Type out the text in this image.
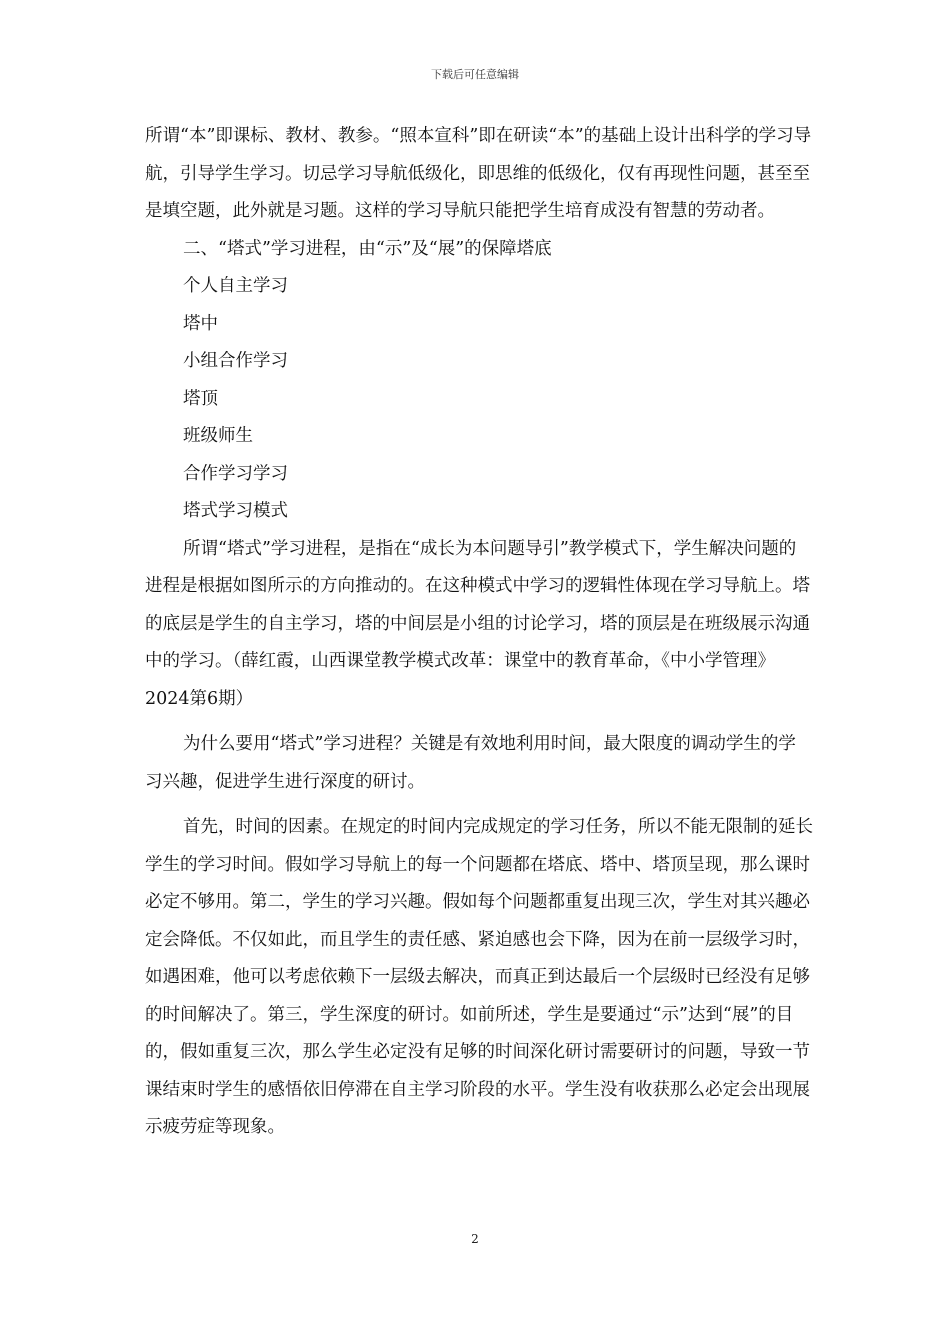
下载后可任意编辑

所谓“本”即课标、教材、教参。“照本宣科”即在研读“本”的基础上设计出科学的学习导航，引导学生学习。切忌学习导航低级化，即思维的低级化，仅有再现性问题，甚至至是填空题，此外就是习题。这样的学习导航只能把学生培育成没有智慧的劳动者。

二、“塔式”学习进程，由“示”及“展”的保障塔底

个人自主学习

塔中

小组合作学习

塔顶

班级师生

合作学习学习

塔式学习模式

所谓“塔式”学习进程，是指在“成长为本问题导引”教学模式下，学生解决问题的进程是根据如图所示的方向推动的。在这种模式中学习的逻辑性体现在学习导航上。塔的底层是学生的自主学习，塔的中间层是小组的讨论学习，塔的顶层是在班级展示沟通中的学习。（薛红霞，山西课堂教学模式改革：课堂中的教育革命，《中小学管理》2024第6期）

为什么要用“塔式”学习进程？关键是有效地利用时间，最大限度的调动学生的学习兴趣，促进学生进行深度的研讨。

首先，时间的因素。在规定的时间内完成规定的学习任务，所以不能无限制的延长学生的学习时间。假如学习导航上的每一个问题都在塔底、塔中、塔顶呈现，那么课时必定不够用。第二，学生的学习兴趣。假如每个问题都重复出现三次，学生对其兴趣必定会降低。不仅如此，而且学生的责任感、紧迫感也会下降，因为在前一层级学习时，如遇困难，他可以考虑依赖下一层级去解决，而真正到达最后一个层级时已经没有足够的时间解决了。第三，学生深度的研讨。如前所述，学生是要通过“示”达到“展”的目的，假如重复三次，那么学生必定没有足够的时间深化研讨需要研讨的问题，导致一节课结束时学生的感悟依旧停滞在自主学习阶段的水平。学生没有收获那么必定会出现展示疲劳症等现象。

2
